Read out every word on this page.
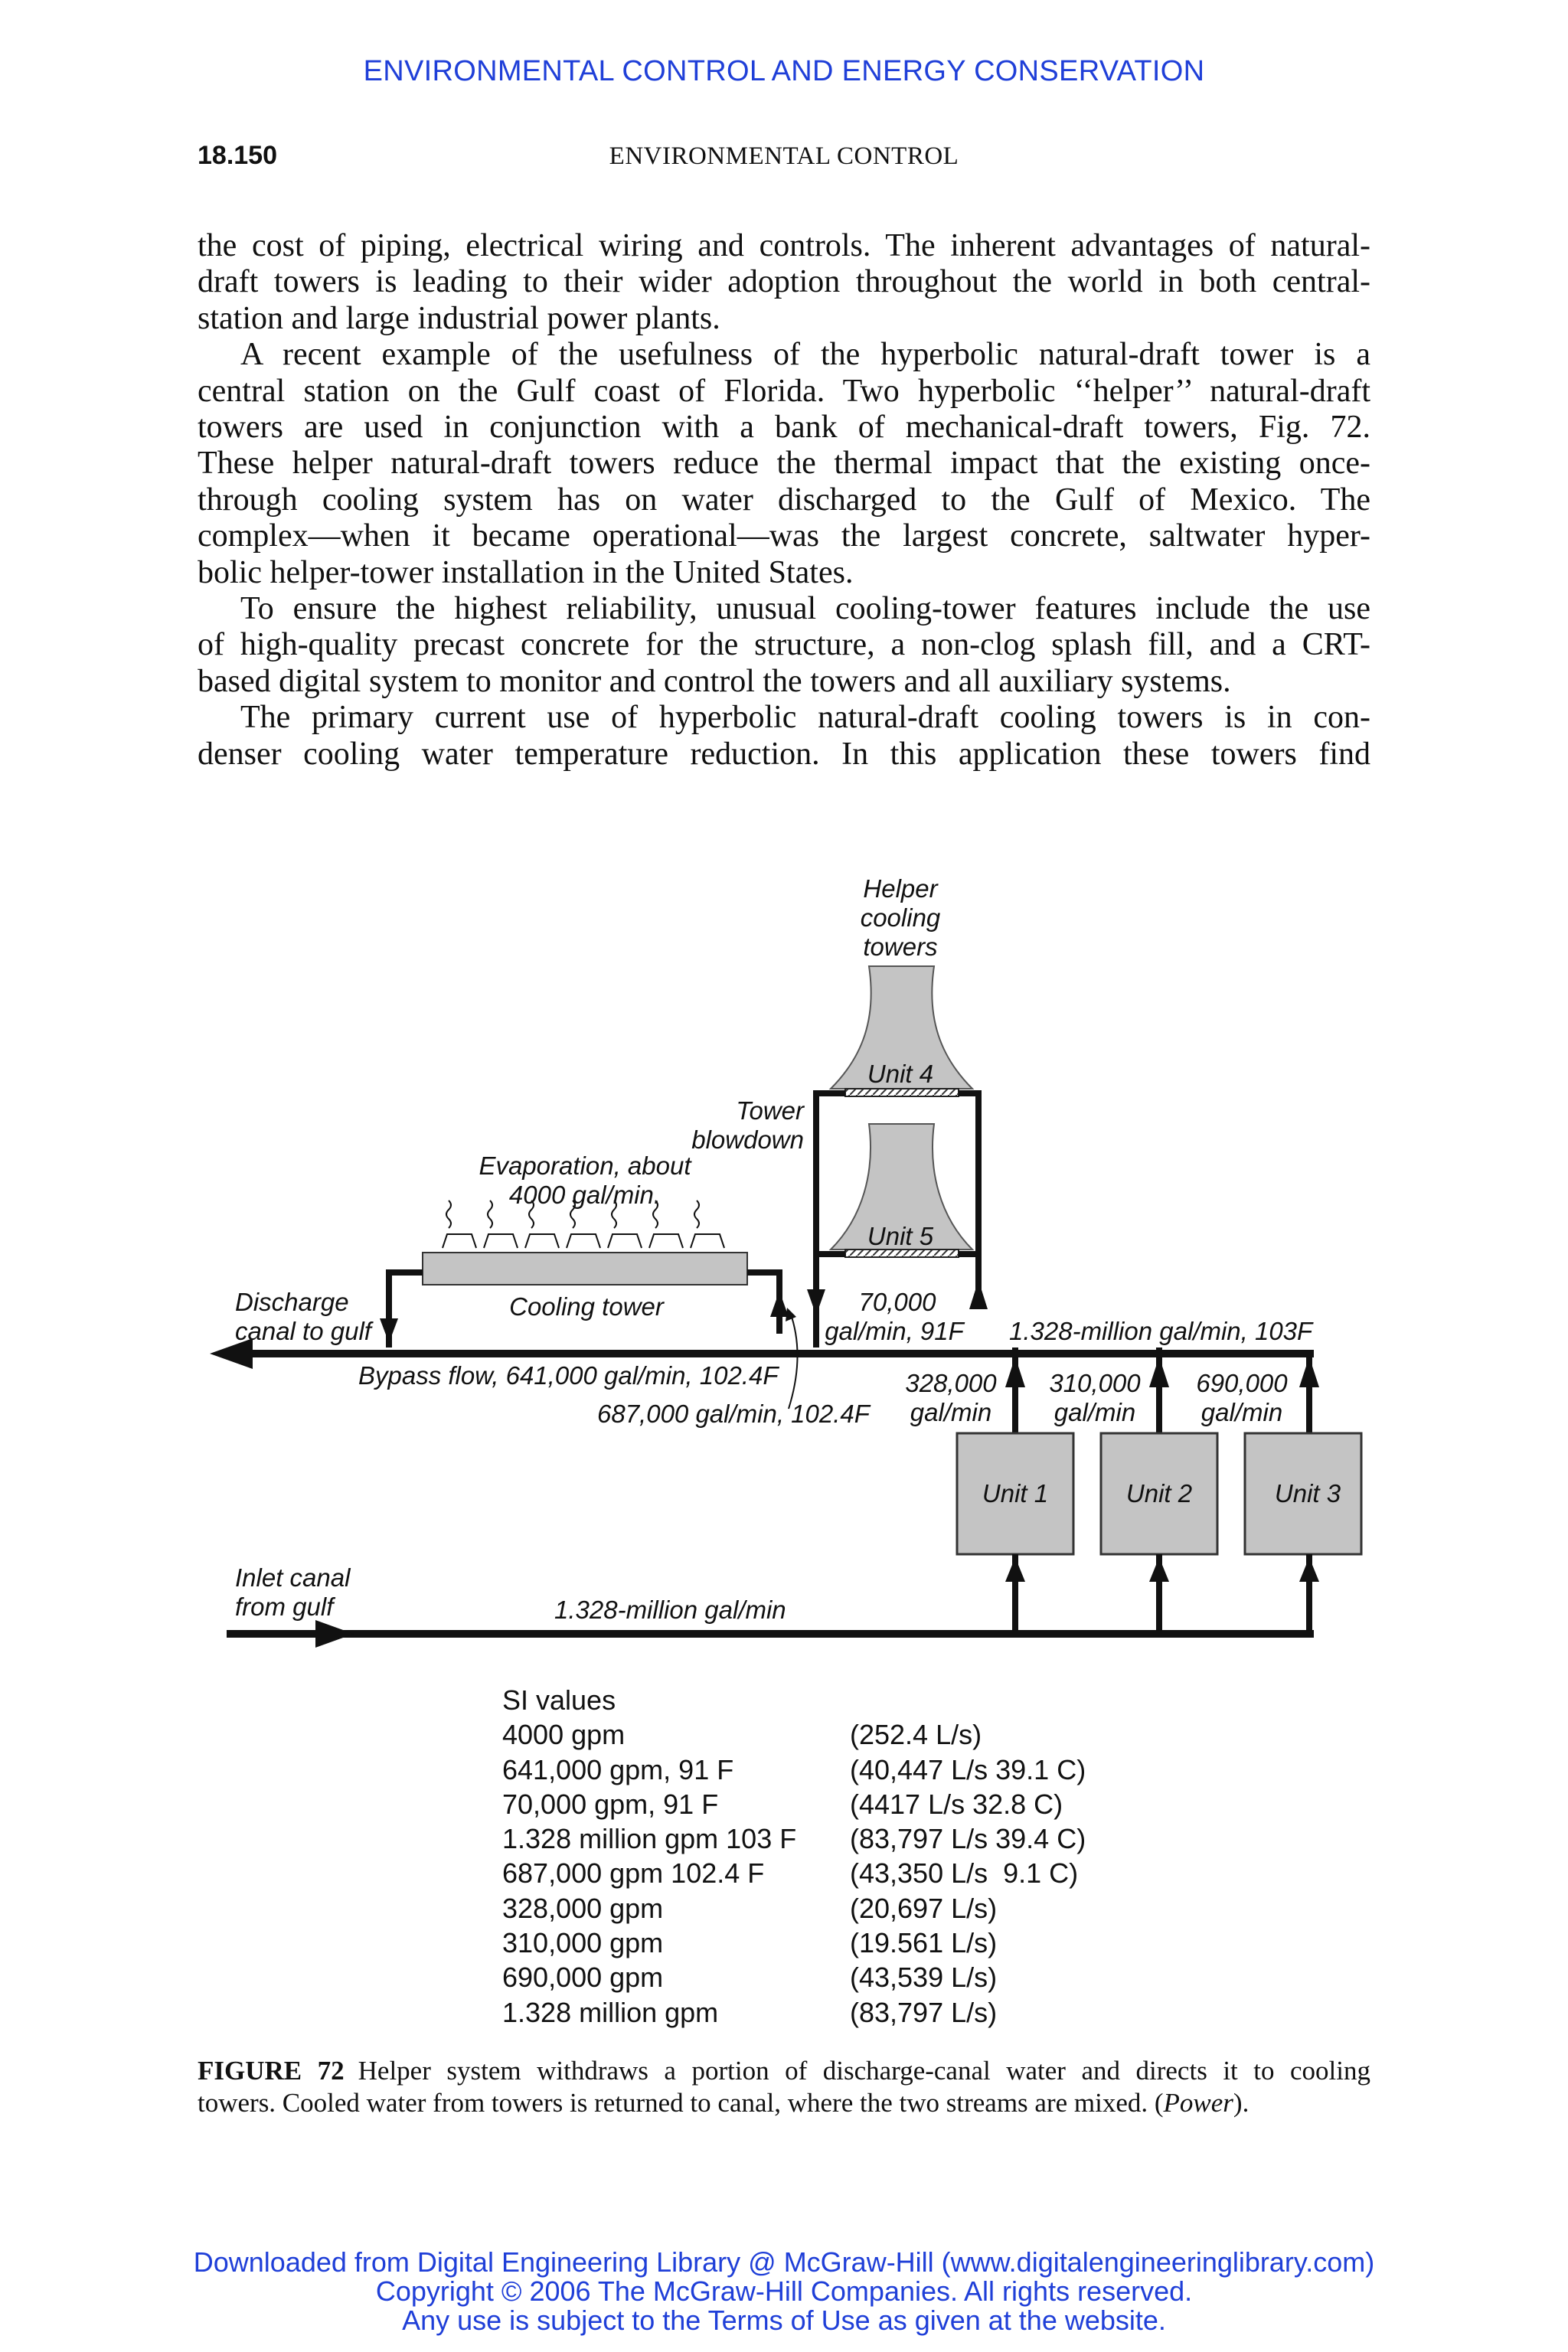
ENVIRONMENTAL CONTROL AND ENERGY CONSERVATION
18.150	ENVIRONMENTAL CONTROL

the cost of piping, electrical wiring and controls. The inherent advantages of natural-

draft towers is leading to their wider adoption throughout the world in both central-

station and large industrial power plants.

A recent example of the usefulness of the hyperbolic natural-draft tower is a

central station on the Gulf coast of Florida. Two hyperbolic ‘‘helper’’ natural-draft

towers are used in conjunction with a bank of mechanical-draft towers, Fig. 72.

These helper natural-draft towers reduce the thermal impact that the existing once-

through cooling system has on water discharged to the Gulf of Mexico. The

complex—when it became operational—was the largest concrete, saltwater hyper-

bolic helper-tower installation in the United States.

To ensure the highest reliability, unusual cooling-tower features include the use

of high-quality precast concrete for the structure, a non-clog splash fill, and a CRT-

based digital system to monitor and control the towers and all auxiliary systems.

The primary current use of hyperbolic natural-draft cooling towers is in con-

denser cooling water temperature reduction. In this application these towers find

Helper cooling towers
Unit 4
Unit 5
Tower blowdown
Evaporation, about 4000 gal/min.
Cooling tower
Discharge canal to gulf
70,000 gal/min, 91F 1.328-million gal/min, 103F
Bypass flow, 641,000 gal/min, 102.4F
687,000 gal/min, 102.4F
328,000 gal/min
310,000 gal/min
690,000 gal/min
Unit 1	Unit 2	Unit 3
Inlet canal from gulf	1.328-million gal/min
SI values
4000 gpm	(252.4 L/s)
641,000 gpm, 91 F	(40,447 L/s 39.1 C)
70,000 gpm, 91 F	(4417 L/s 32.8 C)
1.328 million gpm 103 F (83,797 L/s 39.4 C)
687,000 gpm 102.4 F	(43,350 L/s  9.1 C)
328,000 gpm	(20,697 L/s)
310,000 gpm	(19.561 L/s)
690,000 gpm	(43,539 L/s)
1.328 million gpm	(83,797 L/s)

FIGURE 72 Helper system withdraws a portion of discharge-canal water and directs it to cooling

towers. Cooled water from towers is returned to canal, where the two streams are mixed. (Power).

Downloaded from Digital Engineering Library @ McGraw-Hill (www.digitalengineeringlibrary.com)
Copyright © 2006 The McGraw-Hill Companies. All rights reserved.
Any use is subject to the Terms of Use as given at the website.
